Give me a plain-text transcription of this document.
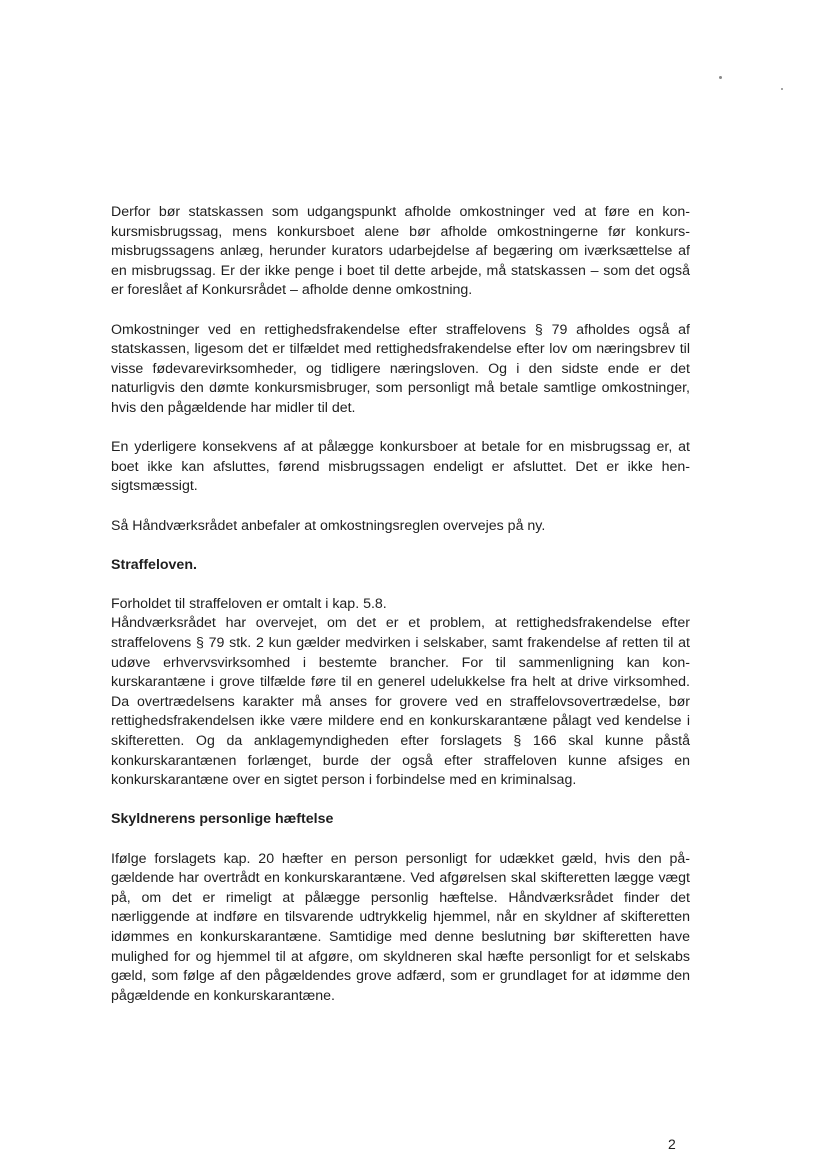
Derfor bør statskassen som udgangspunkt afholde omkostninger ved at føre en konkursmisbrugssag, mens konkursboet alene bør afholde omkostningerne før konkursmisbrugssagens anlæg, herunder kurators udarbejdelse af begæring om iværksættelse af en misbrugssag. Er der ikke penge i boet til dette arbejde, må statskassen – som det også er foreslået af Konkursrådet – afholde denne omkostning.

Omkostninger ved en rettighedsfrakendelse efter straffelovens § 79 afholdes også af statskassen, ligesom det er tilfældet med rettighedsfrakendelse efter lov om næringsbrev til visse fødevarevirksomheder, og tidligere næringsloven. Og i den sidste ende er det naturligvis den dømte konkursmisbruger, som personligt må betale samtlige omkostninger, hvis den pågældende har midler til det.

En yderligere konsekvens af at pålægge konkursboer at betale for en misbrugssag er, at boet ikke kan afsluttes, førend misbrugssagen endeligt er afsluttet. Det er ikke hensigtsmæssigt.

Så Håndværksrådet anbefaler at omkostningsreglen overvejes på ny.

Straffeloven.

Forholdet til straffeloven er omtalt i kap. 5.8.

Håndværksrådet har overvejet, om det er et problem, at rettighedsfrakendelse efter straffelovens § 79 stk. 2 kun gælder medvirken i selskaber, samt frakendelse af retten til at udøve erhvervsvirksomhed i bestemte brancher. For til sammenligning kan konkurskarantæne i grove tilfælde føre til en generel udelukkelse fra helt at drive virksomhed. Da overtrædelsens karakter må anses for grovere ved en straffelovsovertrædelse, bør rettighedsfrakendelsen ikke være mildere end en konkurskarantæne pålagt ved kendelse i skifteretten. Og da anklagemyndigheden efter forslagets § 166 skal kunne påstå konkurskarantænen forlænget, burde der også efter straffeloven kunne afsiges en konkurskarantæne over en sigtet person i forbindelse med en kriminalsag.

Skyldnerens personlige hæftelse

Ifølge forslagets kap. 20 hæfter en person personligt for udækket gæld, hvis den pågældende har overtrådt en konkurskarantæne. Ved afgørelsen skal skifteretten lægge vægt på, om det er rimeligt at pålægge personlig hæftelse. Håndværksrådet finder det nærliggende at indføre en tilsvarende udtrykkelig hjemmel, når en skyldner af skifteretten idømmes en konkurskarantæne. Samtidige med denne beslutning bør skifteretten have mulighed for og hjemmel til at afgøre, om skyldneren skal hæfte personligt for et selskabs gæld, som følge af den pågældendes grove adfærd, som er grundlaget for at idømme den pågældende en konkurskarantæne.

2
